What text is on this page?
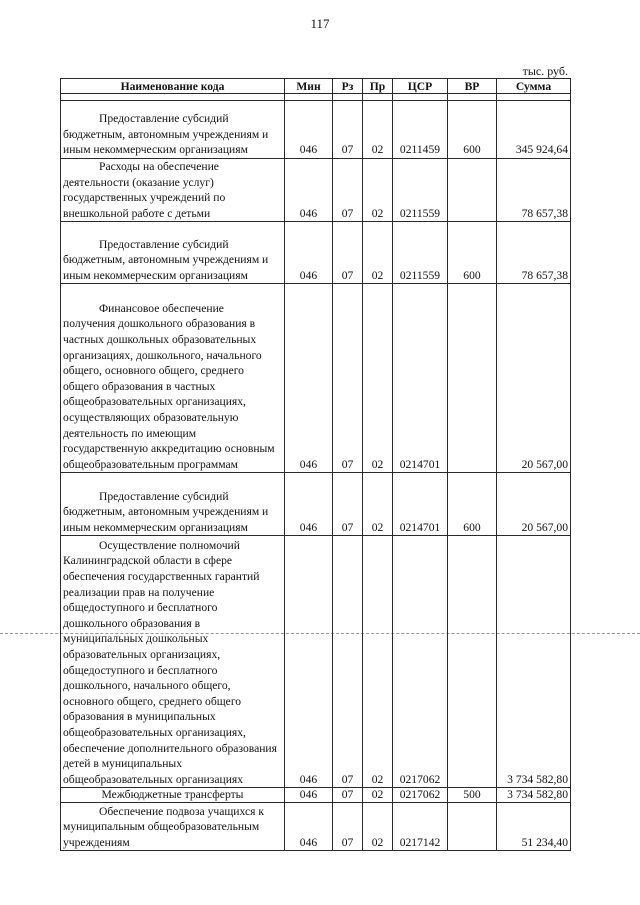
117
тыс. руб.
Наименование кода	Мин	Рз	Пр	ЦСР	ВР	Сумма

Предоставление субсидий
бюджетным, автономным учреждениям и иным некоммерческим организациям	046	07	02	0211459	600	345 924,64

Расходы на обеспечение
деятельности (оказание услуг) государственных учреждений по внешкольной работе с детьми	046	07	02	0211559		78 657,38

Предоставление субсидий
бюджетным, автономным учреждениям и иным некоммерческим организациям	046	07	02	0211559	600	78 657,38

Финансовое обеспечение
получения дошкольного образования в частных дошкольных образовательных организациях, дошкольного, начального общего, основного общего, среднего общего образования в частных общеобразовательных организациях, осуществляющих образовательную деятельность по имеющим государственную аккредитацию основным общеобразовательным программам	046	07	02	0214701		20 567,00

Предоставление субсидий
бюджетным, автономным учреждениям и иным некоммерческим организациям	046	07	02	0214701	600	20 567,00

Осуществление полномочий
Калининградской области в сфере обеспечения государственных гарантий реализации прав на получение общедоступного и бесплатного дошкольного образования в муниципальных дошкольных образовательных организациях, общедоступного и бесплатного дошкольного, начального общего, основного общего, среднего общего образования в муниципальных общеобразовательных организациях, обеспечение дополнительного образования детей в муниципальных общеобразовательных организациях	046	07	02	0217062		3 734 582,80
Межбюджетные трансферты	046	07	02	0217062	500	3 734 582,80

Обеспечение подвоза учащихся к
муниципальным общеобразовательным учреждениям	046	07	02	0217142		51 234,40
